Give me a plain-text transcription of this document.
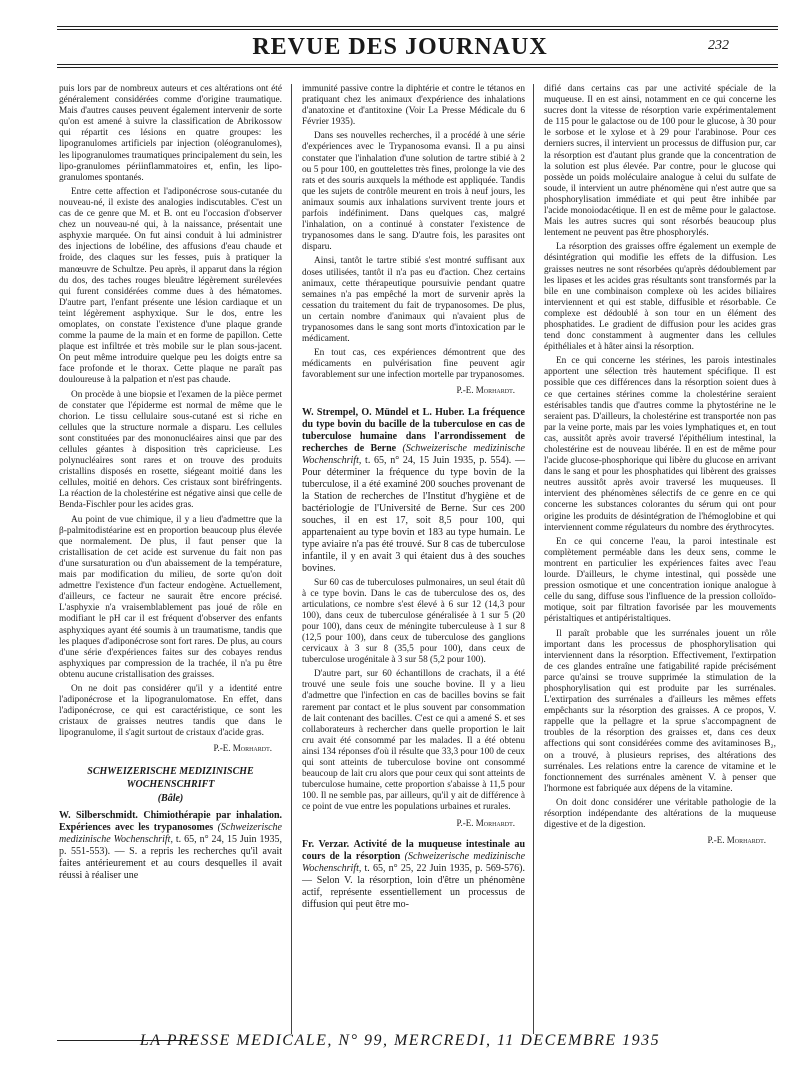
REVUE DES JOURNAUX	232

puis lors par de nombreux auteurs et ces altérations ont été généralement considérées comme d'origine traumatique. Mais d'autres causes peuvent également intervenir de sorte qu'on est amené à suivre la classification de Abrikossow qui répartit ces lésions en quatre groupes: les lipogranulomes artificiels par injection (oléogranulomes), les lipogranulomes traumatiques principalement du sein, les lipo-granulomes périinflammatoires et, enfin, les lipo-granulomes spontanés.

Entre cette affection et l'adiponécrose sous-cutanée du nouveau-né, il existe des analogies indiscutables. C'est un cas de ce genre que M. et B. ont eu l'occasion d'observer chez un nouveau-né qui, à la naissance, présentait une asphyxie marquée. On fut ainsi conduit à lui administrer des injections de lobéline, des affusions d'eau chaude et froide, des claques sur les fesses, puis à pratiquer la manœuvre de Schultze. Peu après, il apparut dans la région du dos, des taches rouges bleuâtre légèrement surélevées qui furent considérées comme dues à des hématomes. D'autre part, l'enfant présente une lésion cardiaque et un teint légèrement asphyxique. Sur le dos, entre les omoplates, on constate l'existence d'une plaque grande comme la paume de la main et en forme de papillon. Cette plaque est infiltrée et très mobile sur le plan sous-jacent. On peut même introduire quelque peu les doigts entre sa face profonde et le thorax. Cette plaque ne paraît pas douloureuse à la palpation et n'est pas chaude.

On procède à une biopsie et l'examen de la pièce permet de constater que l'épiderme est normal de même que le chorion. Le tissu cellulaire sous-cutané est si riche en cellules que la structure normale a disparu. Les cellules sont constituées par des mononucléaires ainsi que par des cellules géantes à disposition très capricieuse. Les polynucléaires sont rares et on trouve des produits cristallins disposés en rosette, siégeant moitié dans les cellules, moitié en dehors. Ces cristaux sont biréfringents. La réaction de la cholestérine est négative ainsi que celle de Benda-Fischler pour les acides gras.

Au point de vue chimique, il y a lieu d'admettre que la β-palmitodistéarine est en proportion beaucoup plus élevée que normalement. De plus, il faut penser que la cristallisation de cet acide est survenue du fait non pas d'une sursaturation ou d'un abaissement de la température, mais par modification du milieu, de sorte qu'on doit admettre l'existence d'un facteur endogène. Actuellement, d'ailleurs, ce facteur ne saurait être encore précisé. L'asphyxie n'a vraisemblablement pas joué de rôle en modifiant le pH car il est fréquent d'observer des enfants asphyxiques ayant été soumis à un traumatisme, tandis que les plaques d'adiponécrose sont fort rares. De plus, au cours d'une série d'expériences faites sur des cobayes rendus asphyxiques par compression de la trachée, il n'a pu être obtenu aucune cristallisation des graisses.

On ne doit pas considérer qu'il y a identité entre l'adiponécrose et la lipogranulomatose. En effet, dans l'adiponécrose, ce qui est caractéristique, ce sont les cristaux de graisses neutres tandis que dans le lipogranulome, il s'agit surtout de cristaux d'acide gras.

P.-E. Morhardt.
SCHWEIZERISCHE MEDIZINISCHE WOCHENSCHRIFT
(Bâle)

W. Silberschmidt. Chimiothérapie par inhalation. Expériences avec les trypanosomes (Schweizerische medizinische Wochenschrift, t. 65, n° 24, 15 Juin 1935, p. 551-553). — S. a repris les recherches qu'il avait faites antérieurement et au cours desquelles il avait réussi à réaliser une

immunité passive contre la diphtérie et contre le tétanos en pratiquant chez les animaux d'expérience des inhalations d'anatoxine et d'antitoxine (Voir La Presse Médicale du 6 Février 1935).

Dans ses nouvelles recherches, il a procédé à une série d'expériences avec le Trypanosoma evansi. Il a pu ainsi constater que l'inhalation d'une solution de tartre stibié à 2 ou 5 pour 100, en gouttelettes très fines, prolonge la vie des rats et des souris auxquels la méthode est appliquée. Tandis que les sujets de contrôle meurent en trois à neuf jours, les animaux soumis aux inhalations survivent trente jours et parfois indéfiniment. Dans quelques cas, malgré l'inhalation, on a continué à constater l'existence de trypanosomes dans le sang. D'autre fois, les parasites ont disparu.

Ainsi, tantôt le tartre stibié s'est montré suffisant aux doses utilisées, tantôt il n'a pas eu d'action. Chez certains animaux, cette thérapeutique poursuivie pendant quatre semaines n'a pas empêché la mort de survenir après la cessation du traitement du fait de trypanosomes. De plus, un certain nombre d'animaux qui n'avaient plus de trypanosomes dans le sang sont morts d'intoxication par le médicament.

En tout cas, ces expériences démontrent que des médicaments en pulvérisation fine peuvent agir favorablement sur une infection mortelle par trypanosomes.

P.-E. Morhardt.

W. Strempel, O. Mündel et L. Huber. La fréquence du type bovin du bacille de la tuberculose en cas de tuberculose humaine dans l'arrondissement de recherches de Berne (Schweizerische medizinische Wochenschrift, t. 65, n° 24, 15 Juin 1935, p. 554). — Pour déterminer la fréquence du type bovin de la tuberculose, il a été examiné 200 souches provenant de la Station de recherches de l'Institut d'hygiène et de bactériologie de l'Université de Berne. Sur ces 200 souches, il en est 17, soit 8,5 pour 100, qui appartenaient au type bovin et 183 au type humain. Le type aviaire n'a pas été trouvé. Sur 8 cas de tuberculose infantile, il y en avait 3 qui étaient dus à des souches bovines.

Sur 60 cas de tuberculoses pulmonaires, un seul était dû à ce type bovin. Dans le cas de tuberculose des os, des articulations, ce nombre s'est élevé à 6 sur 12 (14,3 pour 100), dans ceux de tuberculose généralisée à 1 sur 5 (20 pour 100), dans ceux de méningite tuberculeuse à 1 sur 8 (12,5 pour 100), dans ceux de tuberculose des ganglions cervicaux à 3 sur 8 (35,5 pour 100), dans ceux de tuberculose urogénitale à 3 sur 58 (5,2 pour 100).

D'autre part, sur 60 échantillons de crachats, il a été trouvé une seule fois une souche bovine. Il y a lieu d'admettre que l'infection en cas de bacilles bovins se fait rarement par contact et le plus souvent par consommation de lait contenant des bacilles. C'est ce qui a amené S. et ses collaborateurs à rechercher dans quelle proportion le lait cru avait été consommé par les malades. Il a été obtenu ainsi 134 réponses d'où il résulte que 33,3 pour 100 de ceux qui sont atteints de tuberculose bovine ont consommé beaucoup de lait cru alors que pour ceux qui sont atteints de tuberculose humaine, cette proportion s'abaisse à 11,5 pour 100. Il ne semble pas, par ailleurs, qu'il y ait de différence à ce point de vue entre les populations urbaines et rurales.

P.-E. Morhardt.

Fr. Verzar. Activité de la muqueuse intestinale au cours de la résorption (Schweizerische medizinische Wochenschrift, t. 65, n° 25, 22 Juin 1935, p. 569-576). — Selon V. la résorption, loin d'être un phénomène actif, représente essentiellement un processus de diffusion qui peut être mo-

difié dans certains cas par une activité spéciale de la muqueuse. Il en est ainsi, notamment en ce qui concerne les sucres dont la vitesse de résorption varie expérimentalement de 115 pour le galactose ou de 100 pour le glucose, à 30 pour le sorbose et le xylose et à 29 pour l'arabinose. Pour ces derniers sucres, il intervient un processus de diffusion pur, car la résorption est d'autant plus grande que la concentration de la solution est plus élevée. Par contre, pour le glucose qui possède un poids moléculaire analogue à celui du sulfate de soude, il intervient un autre phénomène qui n'est autre que sa phosphorylisation immédiate et qui peut être inhibée par l'acide monoiodacétique. Il en est de même pour le galactose. Mais les autres sucres qui sont résorbés beaucoup plus lentement ne peuvent pas être phosphorylés.

La résorption des graisses offre également un exemple de désintégration qui modifie les effets de la diffusion. Les graisses neutres ne sont résorbées qu'après dédoublement par les lipases et les acides gras résultants sont transformés par la bile en une combinaison complexe où les acides biliaires interviennent et qui est stable, diffusible et résorbable. Ce complexe est dédoublé à son tour en un élément des phosphatides. Le gradient de diffusion pour les acides gras tend donc constamment à augmenter dans les cellules épithéliales et à hâter ainsi la résorption.

En ce qui concerne les stérines, les parois intestinales apportent une sélection très hautement spécifique. Il est possible que ces différences dans la résorption soient dues à ce que certaines stérines comme la cholestérine seraient estérisables tandis que d'autres comme la phytostérine ne le seraient pas. D'ailleurs, la cholestérine est transportée non pas par la veine porte, mais par les voies lymphatiques et, en tout cas, aussitôt après avoir traversé l'épithélium intestinal, la cholestérine est de nouveau libérée. Il en est de même pour l'acide glucose-phosphorique qui libère du glucose en arrivant dans le sang et pour les phosphatides qui libèrent des graisses neutres aussitôt après avoir traversé les muqueuses. Il intervient des phénomènes sélectifs de ce genre en ce qui concerne les substances colorantes du sérum qui ont pour origine les produits de désintégration de l'hémoglobine et qui interviennent comme régulateurs du nombre des érythrocytes.

En ce qui concerne l'eau, la paroi intestinale est complètement perméable dans les deux sens, comme le montrent en particulier les expériences faites avec l'eau lourde. D'ailleurs, le chyme intestinal, qui possède une pression osmotique et une concentration ionique analogue à celle du sang, diffuse sous l'influence de la pression colloïdo-motique, soit par filtration favorisée par les mouvements péristaltiques et antipéristaltiques.

Il paraît probable que les surrénales jouent un rôle important dans les processus de phosphorylisation qui interviennent dans la résorption. Effectivement, l'extirpation de ces glandes entraîne une fatigabilité rapide précisément parce qu'ainsi se trouve supprimée la stimulation de la phosphorylisation qui est produite par les surrénales. L'extirpation des surrénales a d'ailleurs les mêmes effets empêchants sur la résorption des graisses. A ce propos, V. rappelle que la pellagre et la sprue s'accompagnent de troubles de la résorption des graisses et, dans ces deux affections qui sont considérées comme des avitaminoses B₂, on a trouvé, à plusieurs reprises, des altérations des surrénales. Les relations entre la carence de vitamine et le fonctionnement des surrénales amènent V. à penser que l'hormone est fabriquée aux dépens de la vitamine.

On doit donc considérer une véritable pathologie de la résorption indépendante des altérations de la muqueuse digestive et de la digestion.

P.-E. Morhardt.
LA PRESSE MEDICALE, N° 99, MERCREDI, 11 DECEMBRE 1935
